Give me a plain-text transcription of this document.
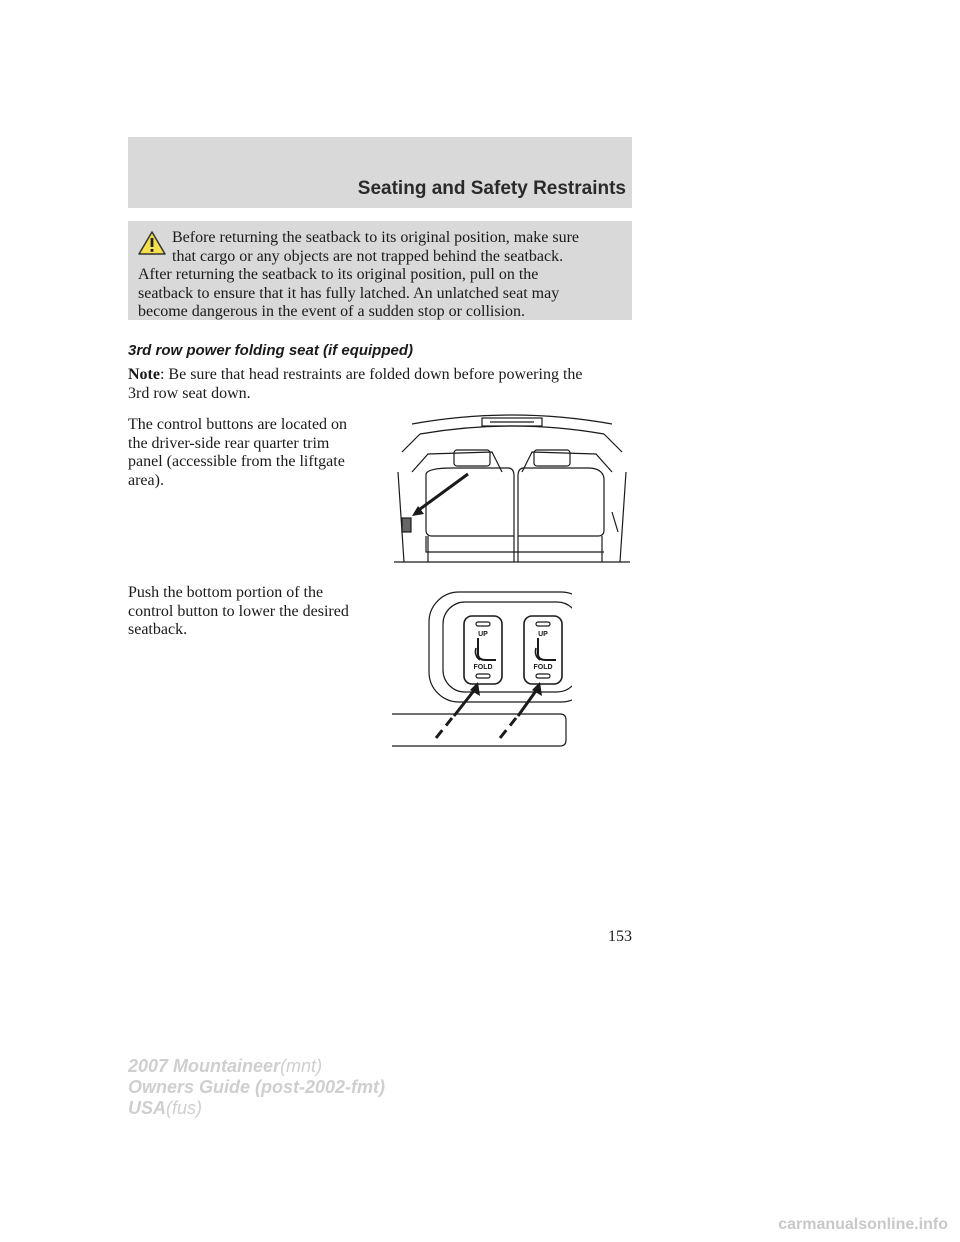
Seating and Safety Restraints

Before returning the seatback to its original position, make sure
that cargo or any objects are not trapped behind the seatback.
After returning the seatback to its original position, pull on the
seatback to ensure that it has fully latched. An unlatched seat may
become dangerous in the event of a sudden stop or collision.

3rd row power folding seat (if equipped)

Note: Be sure that head restraints are folded down before powering the
3rd row seat down.

The control buttons are located on
the driver-side rear quarter trim
panel (accessible from the liftgate
area).

Push the bottom portion of the
control button to lower the desired
seatback.	UP
FOLD
UP
FOLD
153
2007 Mountaineer(mnt)
Owners Guide (post-2002-fmt)
USA(fus)
carmanualsonline.info
